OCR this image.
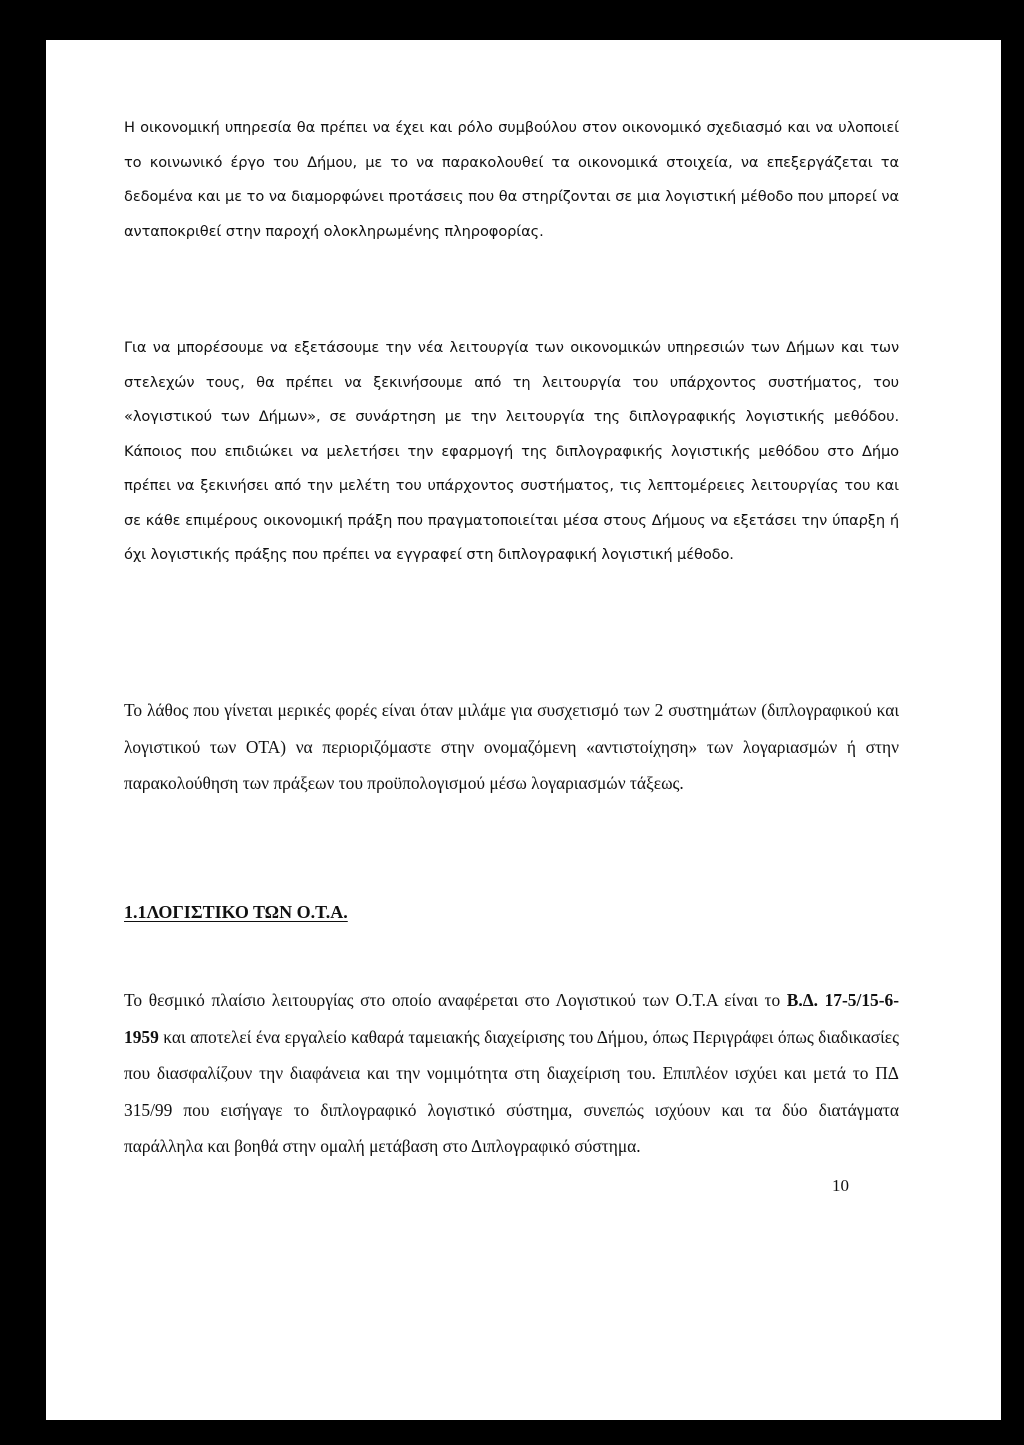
Η οικονομική υπηρεσία θα πρέπει να έχει και ρόλο συμβούλου στον οικονομικό σχεδιασμό και να υλοποιεί το κοινωνικό έργο του Δήμου, με το να παρακολουθεί τα οικονομικά στοιχεία, να επεξεργάζεται τα δεδομένα και με το να διαμορφώνει προτάσεις που θα στηρίζονται σε μια λογιστική μέθοδο που μπορεί να ανταποκριθεί στην παροχή ολοκληρωμένης πληροφορίας.

Για να μπορέσουμε να εξετάσουμε την νέα λειτουργία των οικονομικών υπηρεσιών των Δήμων και των στελεχών τους, θα πρέπει να ξεκινήσουμε από τη λειτουργία του υπάρχοντος συστήματος, του «λογιστικού των Δήμων», σε συνάρτηση με την λειτουργία της διπλογραφικής λογιστικής μεθόδου. Κάποιος που επιδιώκει να μελετήσει την εφαρμογή της διπλογραφικής λογιστικής μεθόδου στο Δήμο πρέπει να ξεκινήσει από την μελέτη του υπάρχοντος συστήματος, τις λεπτομέρειες λειτουργίας του και σε κάθε επιμέρους οικονομική πράξη που πραγματοποιείται μέσα στους Δήμους να εξετάσει την ύπαρξη ή όχι λογιστικής πράξης που πρέπει να εγγραφεί στη διπλογραφική λογιστική μέθοδο.

Το λάθος που γίνεται μερικές φορές είναι όταν μιλάμε για συσχετισμό των 2 συστημάτων (διπλογραφικού και λογιστικού των ΟΤΑ) να περιοριζόμαστε στην ονομαζόμενη «αντιστοίχηση» των λογαριασμών ή στην παρακολούθηση των πράξεων του προϋπολογισμού μέσω λογαριασμών τάξεως.

1.1ΛΟΓΙΣΤΙΚΟ ΤΩΝ Ο.Τ.Α.

Το θεσμικό πλαίσιο λειτουργίας στο οποίο αναφέρεται στο Λογιστικού των Ο.Τ.Α είναι το Β.Δ. 17-5/15-6-1959 και αποτελεί ένα εργαλείο καθαρά ταμειακής διαχείρισης του Δήμου, όπως Περιγράφει όπως διαδικασίες που διασφαλίζουν την διαφάνεια και την νομιμότητα στη διαχείριση του. Επιπλέον ισχύει και μετά το ΠΔ 315/99 που εισήγαγε το διπλογραφικό λογιστικό σύστημα, συνεπώς ισχύουν και τα δύο διατάγματα παράλληλα και βοηθά στην ομαλή μετάβαση στο Διπλογραφικό σύστημα.

10
